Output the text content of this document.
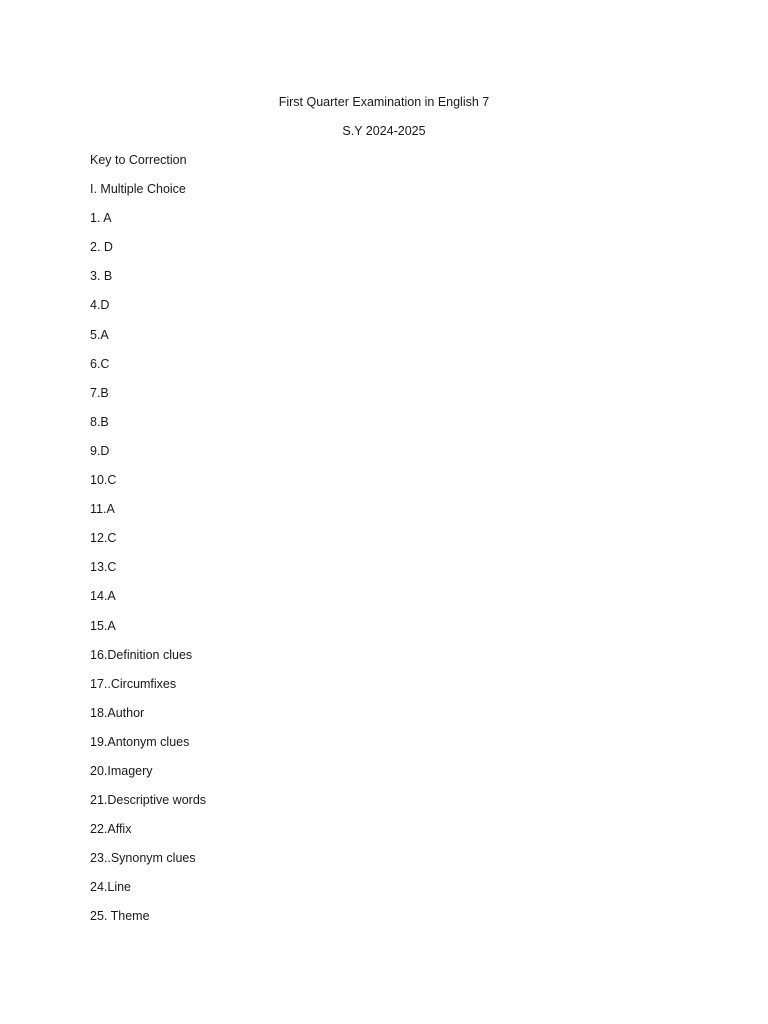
First Quarter Examination in English 7
S.Y 2024-2025
Key to Correction
I. Multiple Choice
1. A
2. D
3. B
4.D
5.A
6.C
7.B
8.B
9.D
10.C
11.A
12.C
13.C
14.A
15.A
16.Definition clues
17..Circumfixes
18.Author
19.Antonym clues
20.Imagery
21.Descriptive words
22.Affix
23..Synonym clues
24.Line
25. Theme
